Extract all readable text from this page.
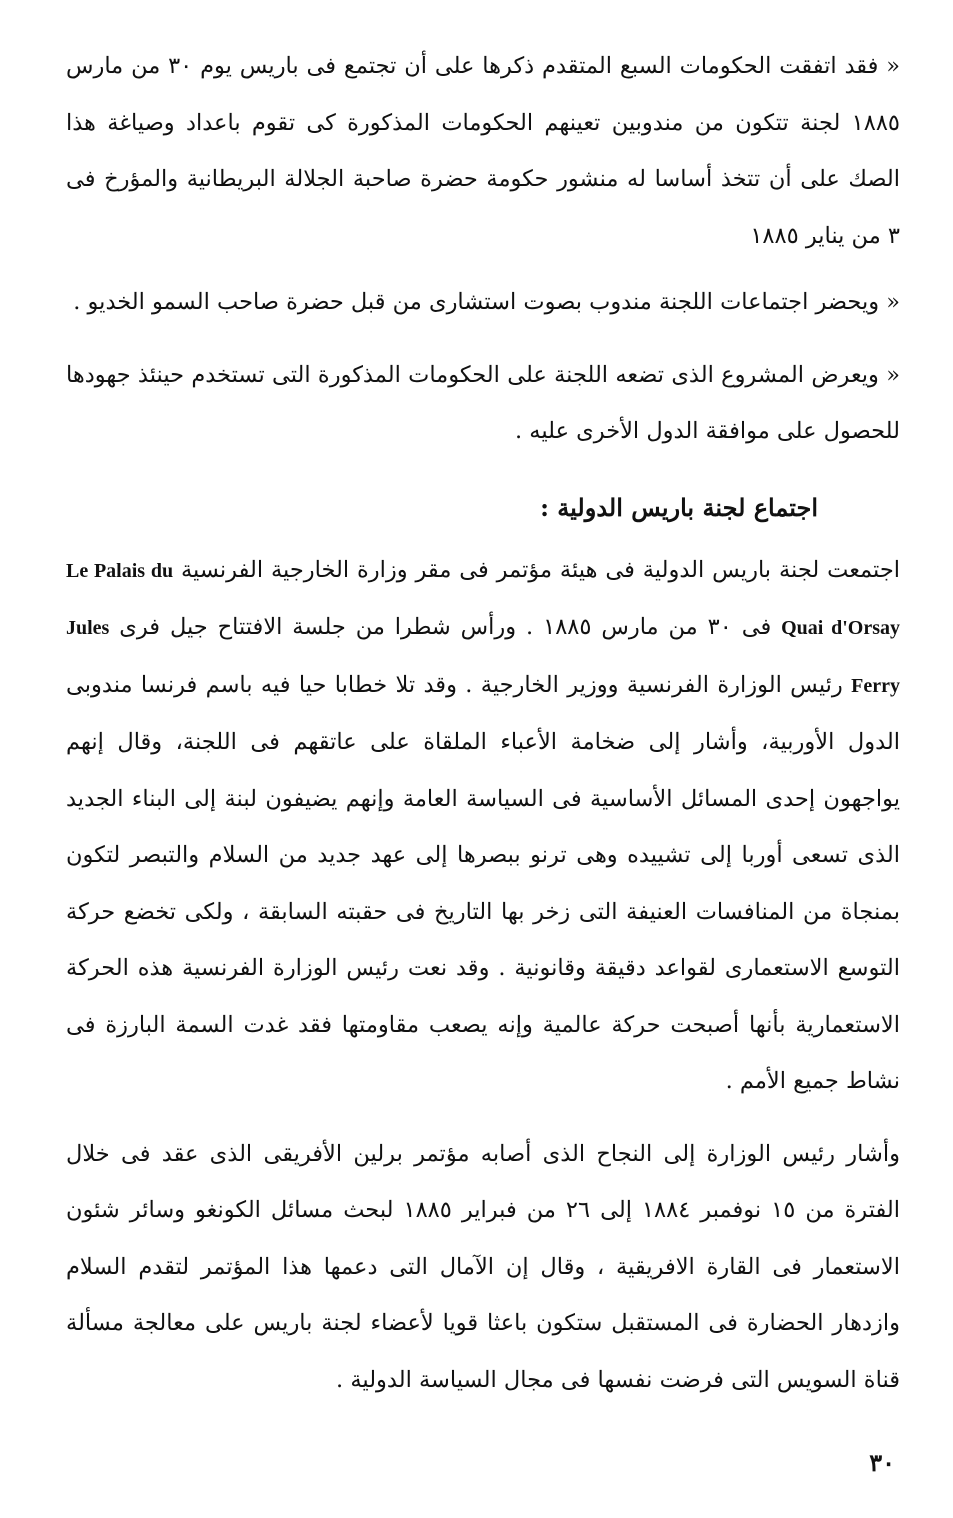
« فقد اتفقت الحكومات السبع المتقدم ذكرها على أن تجتمع فى باريس يوم ٣٠ من مارس ١٨٨٥ لجنة تتكون من مندوبين تعينهم الحكومات المذكورة كى تقوم باعداد وصياغة هذا الصك على أن تتخذ أساسا له منشور حكومة حضرة صاحبة الجلالة البريطانية والمؤرخ فى ٣ من يناير ١٨٨٥

« ويحضر اجتماعات اللجنة مندوب بصوت استشارى من قبل حضرة صاحب السمو الخديو .

« ويعرض المشروع الذى تضعه اللجنة على الحكومات المذكورة التى تستخدم حينئذ جهودها للحصول على موافقة الدول الأخرى عليه .

اجتماع لجنة باريس الدولية :

اجتمعت لجنة باريس الدولية فى هيئة مؤتمر فى مقر وزارة الخارجية الفرنسية Le Palais du Quai d'Orsay فى ٣٠ من مارس ١٨٨٥ . ورأس شطرا من جلسة الافتتاح جيل فرى Jules Ferry رئيس الوزارة الفرنسية ووزير الخارجية . وقد تلا خطابا حيا فيه باسم فرنسا مندوبى الدول الأوربية، وأشار إلى ضخامة الأعباء الملقاة على عاتقهم فى اللجنة، وقال إنهم يواجهون إحدى المسائل الأساسية فى السياسة العامة وإنهم يضيفون لبنة إلى البناء الجديد الذى تسعى أوربا إلى تشييده وهى ترنو ببصرها إلى عهد جديد من السلام والتبصر لتكون بمنجاة من المنافسات العنيفة التى زخر بها التاريخ فى حقبته السابقة ، ولكى تخضع حركة التوسع الاستعمارى لقواعد دقيقة وقانونية . وقد نعت رئيس الوزارة الفرنسية هذه الحركة الاستعمارية بأنها أصبحت حركة عالمية وإنه يصعب مقاومتها فقد غدت السمة البارزة فى نشاط جميع الأمم .

وأشار رئيس الوزارة إلى النجاح الذى أصابه مؤتمر برلين الأفريقى الذى عقد فى خلال الفترة من ١٥ نوفمبر ١٨٨٤ إلى ٢٦ من فبراير ١٨٨٥ لبحث مسائل الكونغو وسائر شئون الاستعمار فى القارة الافريقية ، وقال إن الآمال التى دعمها هذا المؤتمر لتقدم السلام وازدهار الحضارة فى المستقبل ستكون باعثا قويا لأعضاء لجنة باريس على معالجة مسألة قناة السويس التى فرضت نفسها فى مجال السياسة الدولية .

٣٠
